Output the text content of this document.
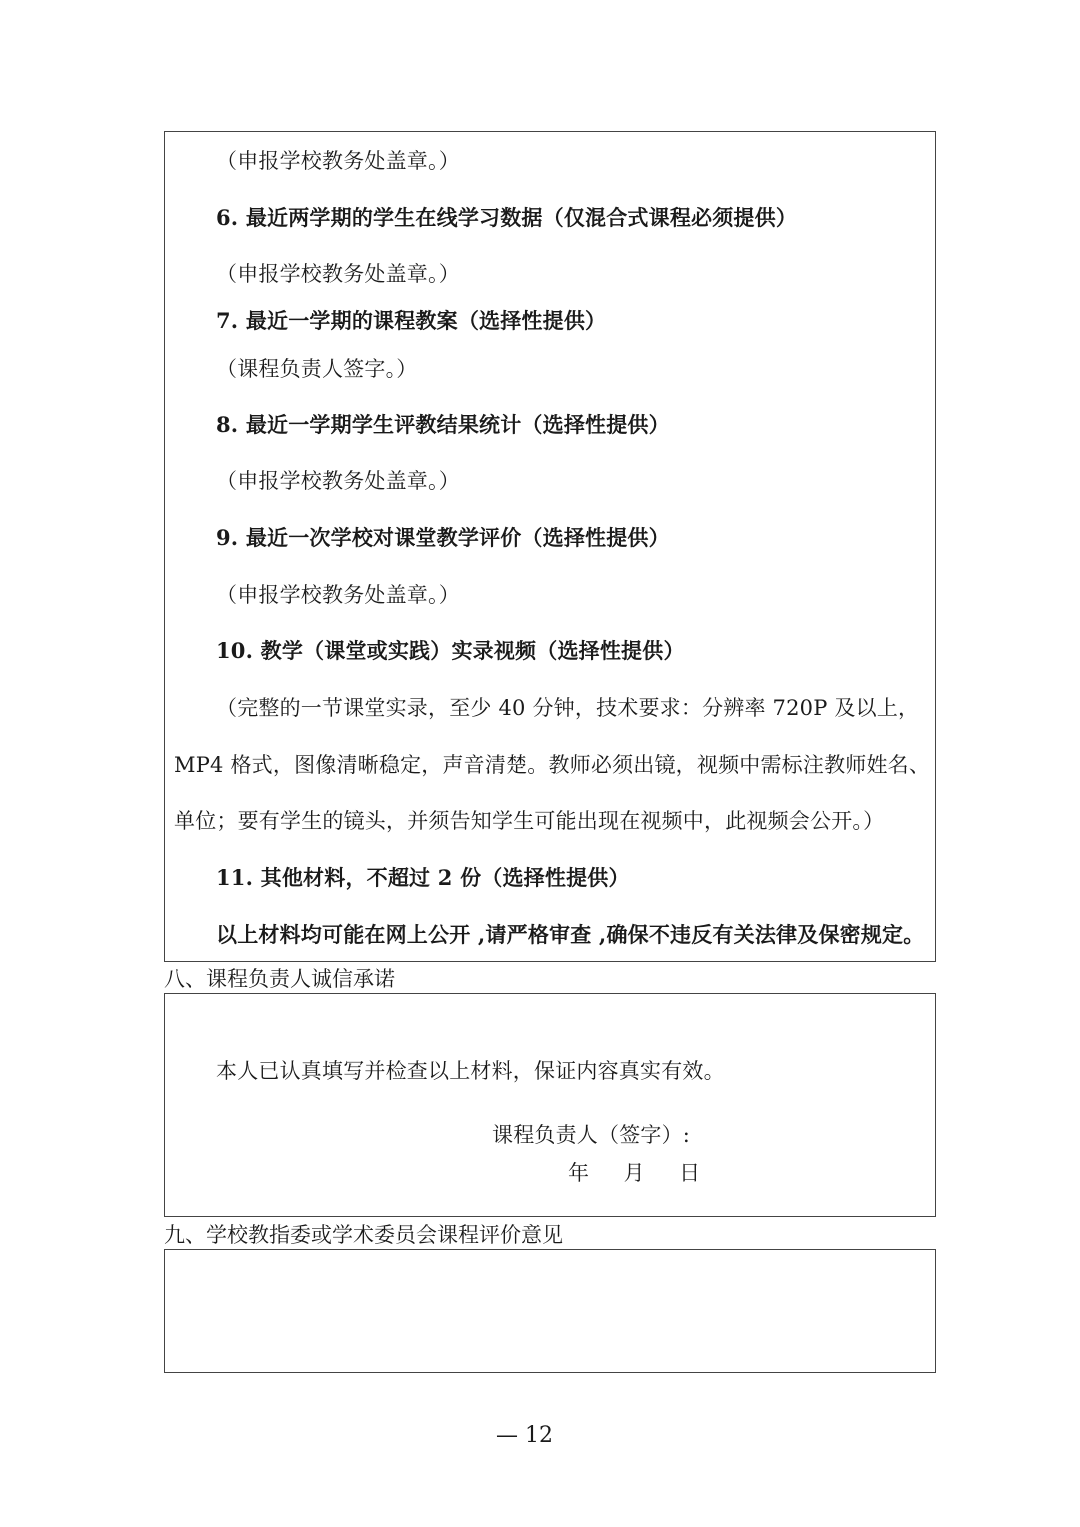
（申报学校教务处盖章。）
6. 最近两学期的学生在线学习数据（仅混合式课程必须提供）
（申报学校教务处盖章。）
7. 最近一学期的课程教案（选择性提供）
（课程负责人签字。）
8. 最近一学期学生评教结果统计（选择性提供）
（申报学校教务处盖章。）
9. 最近一次学校对课堂教学评价（选择性提供）
（申报学校教务处盖章。）
10. 教学（课堂或实践）实录视频（选择性提供）
（完整的一节课堂实录，至少 40 分钟，技术要求：分辨率 720P 及以上，
MP4 格式，图像清晰稳定，声音清楚。教师必须出镜，视频中需标注教师姓名、
单位；要有学生的镜头，并须告知学生可能出现在视频中，此视频会公开。）
11. 其他材料，不超过 2 份（选择性提供）
以上材料均可能在网上公开 ,请严格审查 ,确保不违反有关法律及保密规定。
八、课程负责人诚信承诺
本人已认真填写并检查以上材料，保证内容真实有效。
课程负责人（签字）:
年     月     日
九、学校教指委或学术委员会课程评价意见
— 12
